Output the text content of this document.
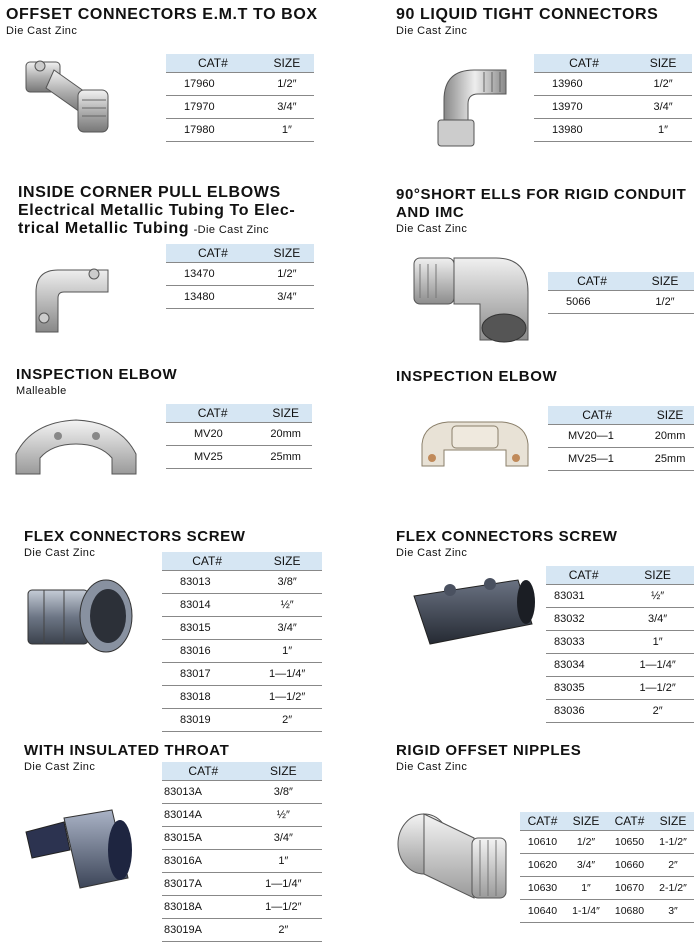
OFFSET CONNECTORS E.M.T TO BOX
Die Cast Zinc
CAT#	SIZE
17960	1/2″
17970	3/4″
17980	1″
90 LIQUID TIGHT CONNECTORS
Die Cast Zinc
CAT#	SIZE
13960	1/2″
13970	3/4″
13980	1″
INSIDE CORNER PULL ELBOWS
Electrical Metallic Tubing To Elec-
trical Metallic Tubing -Die Cast Zinc
CAT#	SIZE
13470	1/2″
13480	3/4″
90°SHORT ELLS FOR RIGID CONDUIT
AND IMC
Die Cast Zinc
CAT#	SIZE
5066	1/2″
INSPECTION ELBOW
Malleable
CAT#	SIZE
MV20	20mm
MV25	25mm
INSPECTION ELBOW
CAT#	SIZE
MV20—1	20mm
MV25—1	25mm
FLEX CONNECTORS SCREW
Die Cast Zinc
CAT#	SIZE
83013	3/8″
83014	½″
83015	3/4″
83016	1″
83017	1—1/4″
83018	1—1/2″
83019	2″
FLEX CONNECTORS SCREW
Die Cast Zinc
CAT#	SIZE
83031	½″
83032	3/4″
83033	1″
83034	1—1/4″
83035	1—1/2″
83036	2″
WITH INSULATED THROAT
Die Cast Zinc	CAT#	SIZE
83013A	3/8″
83014A	½″
83015A	3/4″
83016A	1″
83017A	1—1/4″
83018A	1—1/2″
83019A	2″
RIGID OFFSET NIPPLES
Die Cast Zinc
CAT#	SIZE	CAT#	SIZE
10610	1/2″	10650	1-1/2″
10620	3/4″	10660	2″
10630	1″	10670	2-1/2″
10640	1-1/4″	10680	3″
